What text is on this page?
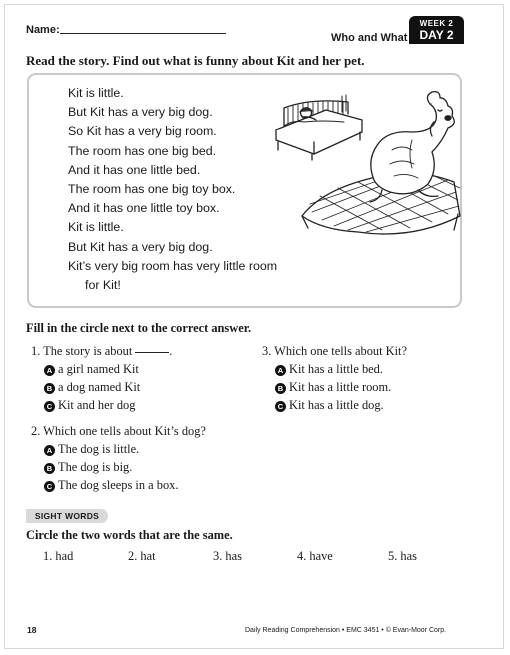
Name:
Who and What
WEEK 2
DAY 2
Read the story. Find out what is funny about Kit and her pet.
Kit is little.
But Kit has a very big dog.
So Kit has a very big room.
The room has one big bed.
And it has one little bed.
The room has one big toy box.
And it has one little toy box.
Kit is little.
But Kit has a very big dog.
Kit’s very big room has very little room
for Kit!
Fill in the circle next to the correct answer.
1. The story is about	.
A a girl named Kit
B a dog named Kit
C Kit and her dog
3. Which one tells about Kit?
A Kit has a little bed.
B Kit has a little room.
C Kit has a little dog.
2. Which one tells about Kit’s dog?
A The dog is little.
B The dog is big.
C The dog sleeps in a box.
SIGHT WORDS
Circle the two words that are the same.
1. had	2. hat	3. has	4. have	5. has
18	Daily Reading Comprehension • EMC 3451 • © Evan-Moor Corp.
